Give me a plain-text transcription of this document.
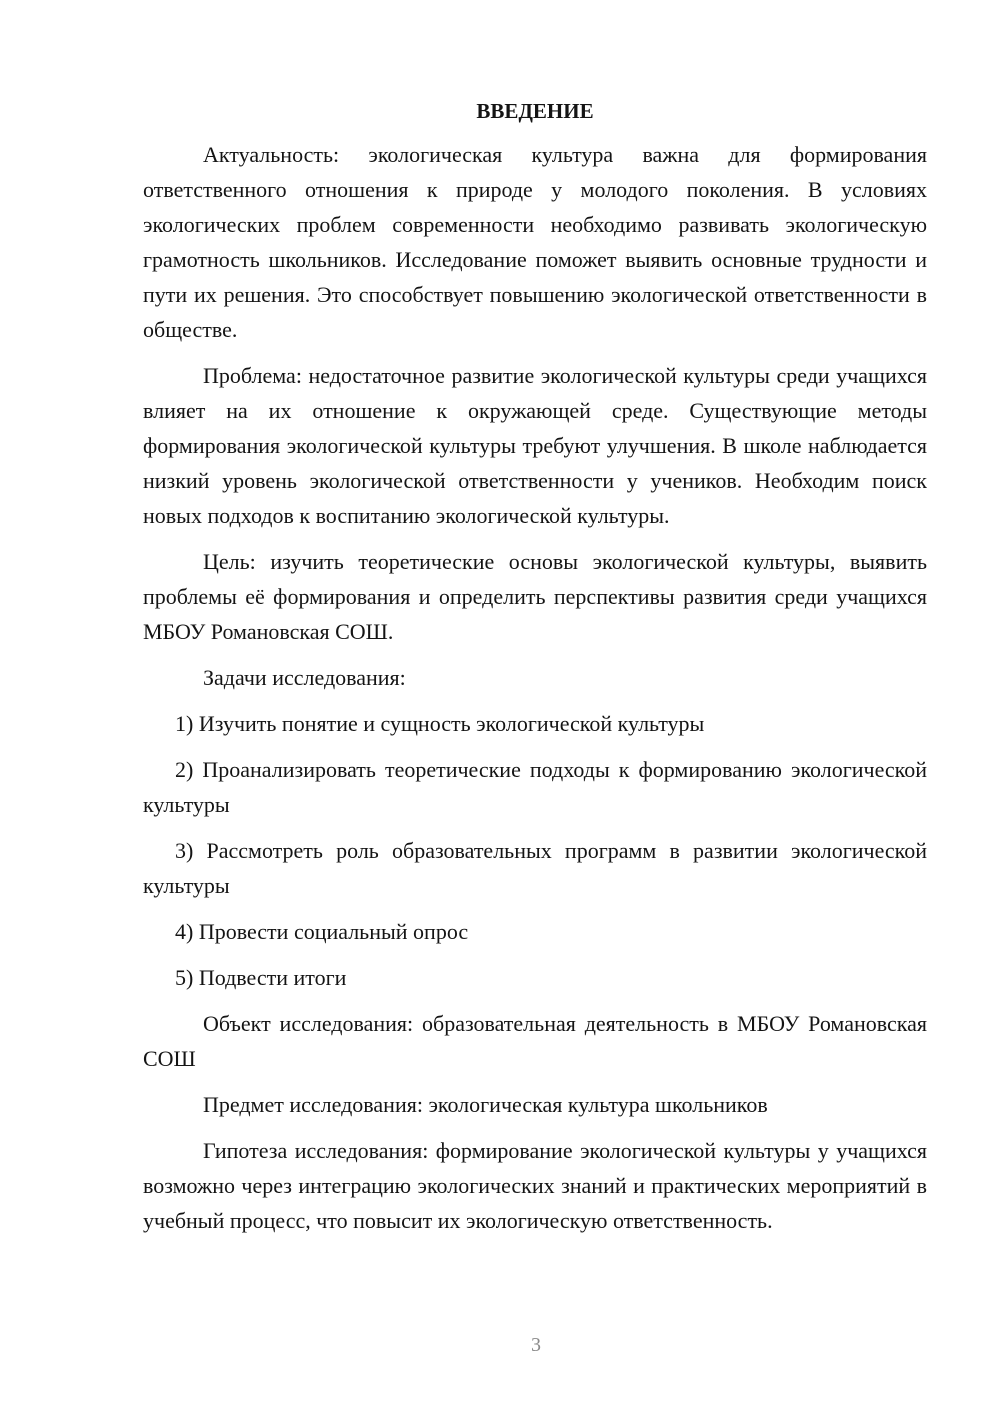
ВВЕДЕНИЕ

Актуальность: экологическая культура важна для формирования ответственного отношения к природе у молодого поколения. В условиях экологических проблем современности необходимо развивать экологическую грамотность школьников. Исследование поможет выявить основные трудности и пути их решения. Это способствует повышению экологической ответственности в обществе.

Проблема: недостаточное развитие экологической культуры среди учащихся влияет на их отношение к окружающей среде. Существующие методы формирования экологической культуры требуют улучшения. В школе наблюдается низкий уровень экологической ответственности у учеников. Необходим поиск новых подходов к воспитанию экологической культуры.

Цель: изучить теоретические основы экологической культуры, выявить проблемы её формирования и определить перспективы развития среди учащихся МБОУ Романовская СОШ.

Задачи исследования:

1) Изучить понятие и сущность экологической культуры

2) Проанализировать теоретические подходы к формированию экологической культуры

3) Рассмотреть роль образовательных программ в развитии экологической культуры

4) Провести социальный опрос

5) Подвести итоги

Объект исследования: образовательная деятельность в МБОУ Романовская СОШ

Предмет исследования: экологическая культура школьников

Гипотеза исследования: формирование экологической культуры у учащихся возможно через интеграцию экологических знаний и практических мероприятий в учебный процесс, что повысит их экологическую ответственность.

3
